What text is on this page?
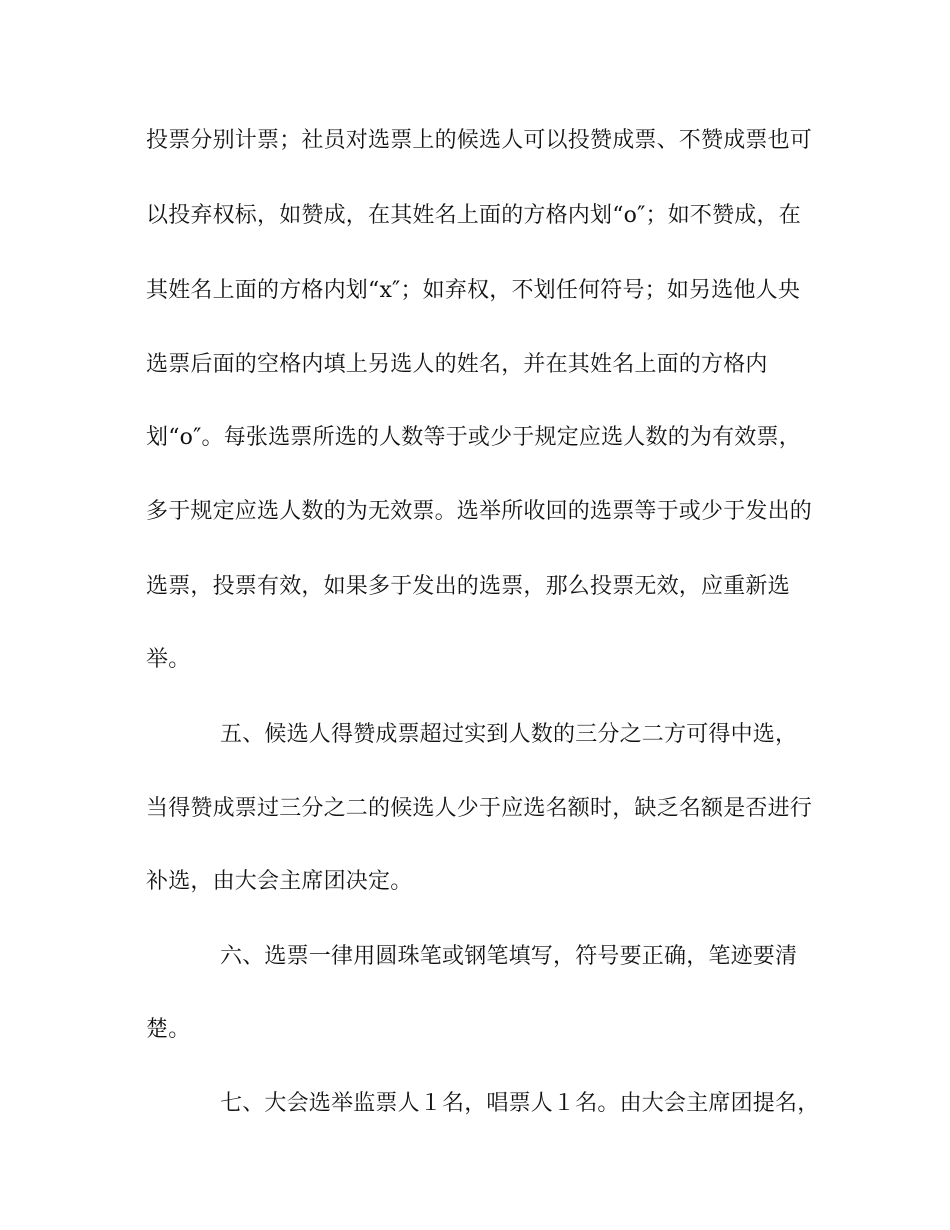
投票分别计票；社员对选票上的候选人可以投赞成票、不赞成票也可
以投弃权标，如赞成，在其姓名上面的方格内划“o″；如不赞成，在
其姓名上面的方格内划“x″；如弃权，不划任何符号；如另选他人央
选票后面的空格内填上另选人的姓名，并在其姓名上面的方格内
划“o″。每张选票所选的人数等于或少于规定应选人数的为有效票，
多于规定应选人数的为无效票。选举所收回的选票等于或少于发出的
选票，投票有效，如果多于发出的选票，那么投票无效，应重新选
举。
五、候选人得赞成票超过实到人数的三分之二方可得中选，
当得赞成票过三分之二的候选人少于应选名额时，缺乏名额是否进行
补选，由大会主席团决定。
六、选票一律用圆珠笔或钢笔填写，符号要正确，笔迹要清
楚。
七、大会选举监票人１名，唱票人１名。由大会主席团提名，
